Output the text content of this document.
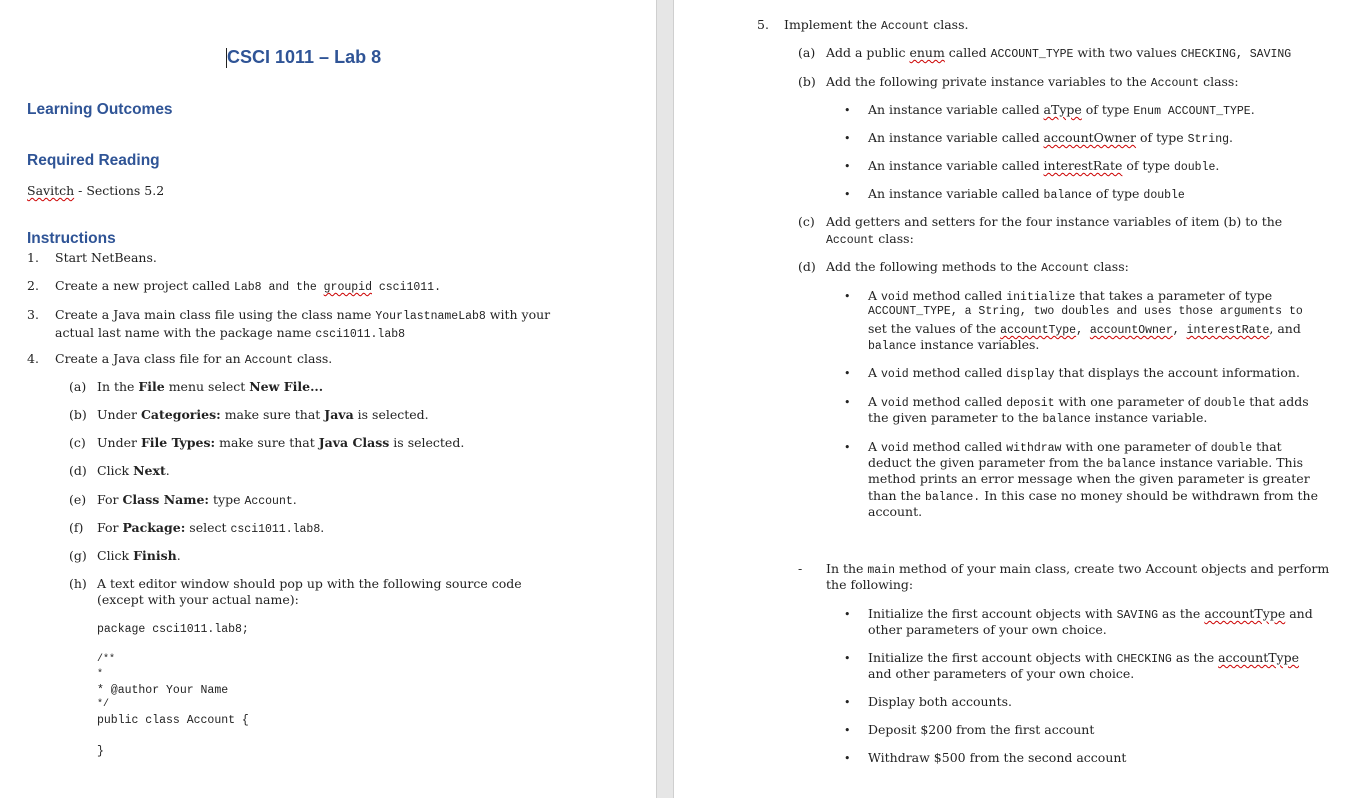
CSCI 1011 – Lab 8
Learning Outcomes
Required Reading
Savitch - Sections 5.2
Instructions
1. Start NetBeans.
2. Create a new project called Lab8 and the groupid csci1011.
3. Create a Java main class file using the class name YourlastnameLab8 with your actual last name with the package name csci1011.lab8
4. Create a Java class file for an Account class.
(a) In the File menu select New File...
(b) Under Categories: make sure that Java is selected.
(c) Under File Types: make sure that Java Class is selected.
(d) Click Next.
(e) For Class Name: type Account.
(f) For Package: select csci1011.lab8.
(g) Click Finish.
(h) A text editor window should pop up with the following source code (except with your actual name):
package csci1011.lab8;
/**
*
* @author Your Name
*/
public class Account {
}
5. Implement the Account class.
(a) Add a public enum called ACCOUNT_TYPE with two values CHECKING, SAVING
(b) Add the following private instance variables to the Account class:
• An instance variable called aType of type Enum ACCOUNT_TYPE.
• An instance variable called accountOwner of type String.
• An instance variable called interestRate of type double.
• An instance variable called balance of type double
(c) Add getters and setters for the four instance variables of item (b) to the
Account class:
(d) Add the following methods to the Account class:
• A void method called initialize that takes a parameter of type
ACCOUNT_TYPE, a String, two doubles and uses those arguments to
set the values of the accountType, accountOwner, interestRate, and
balance instance variables.
• A void method called display that displays the account information.
• A void method called deposit with one parameter of double that adds
the given parameter to the balance instance variable.
• A void method called withdraw with one parameter of double that
deduct the given parameter from the balance instance variable. This
method prints an error message when the given parameter is greater
than the balance. In this case no money should be withdrawn from the
account.
- In the main method of your main class, create two Account objects and perform
the following:
• Initialize the first account objects with SAVING as the accountType and
other parameters of your own choice.
• Initialize the first account objects with CHECKING as the accountType
and other parameters of your own choice.
• Display both accounts.
• Deposit $200 from the first account
• Withdraw $500 from the second account
